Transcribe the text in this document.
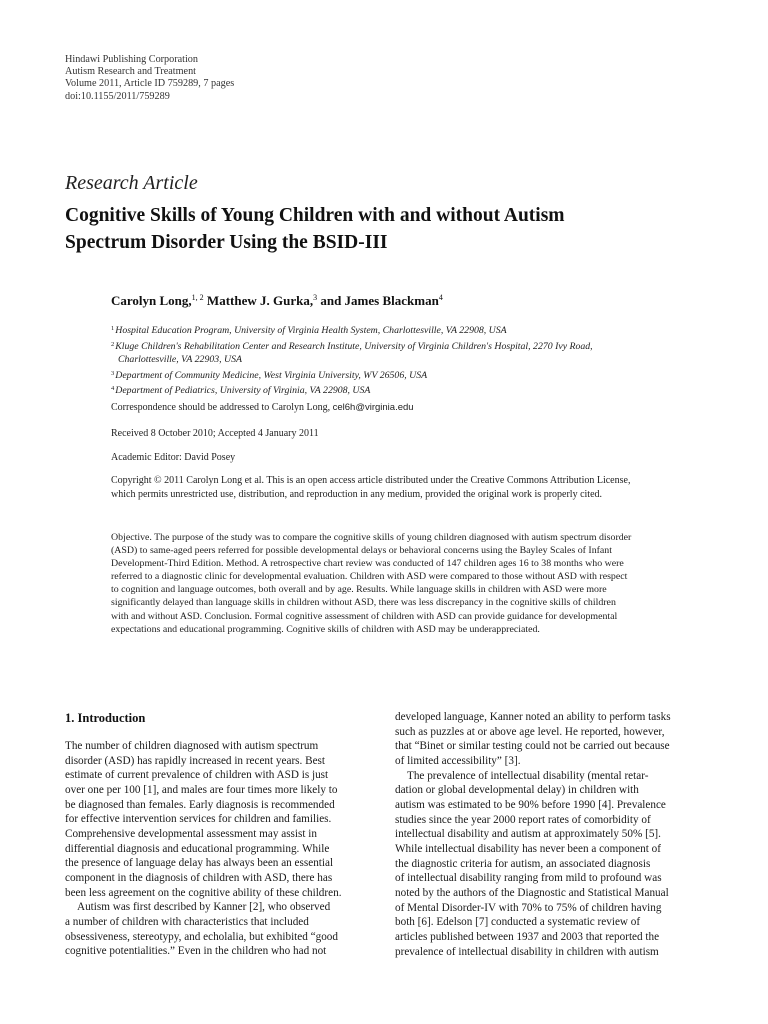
Hindawi Publishing Corporation
Autism Research and Treatment
Volume 2011, Article ID 759289, 7 pages
doi:10.1155/2011/759289
Research Article
Cognitive Skills of Young Children with and without Autism
Spectrum Disorder Using the BSID-III
Carolyn Long,$^{1, 2}$ Matthew J. Gurka,$^3$ and James Blackman$^4$
$^1$Hospital Education Program, University of Virginia Health System, Charlottesville, VA 22908, USA
$^2$Kluge Children's Rehabilitation Center and Research Institute, University of Virginia Children's Hospital, 2270 Ivy Road,
Charlottesville, VA 22903, USA
$^3$Department of Community Medicine, West Virginia University, WV 26506, USA
$^4$Department of Pediatrics, University of Virginia, VA 22908, USA
Correspondence should be addressed to Carolyn Long, cel6h@virginia.edu
Received 8 October 2010; Accepted 4 January 2011
Academic Editor: David Posey
Copyright © 2011 Carolyn Long et al. This is an open access article distributed under the Creative Commons Attribution License,
which permits unrestricted use, distribution, and reproduction in any medium, provided the original work is properly cited.
Objective. The purpose of the study was to compare the cognitive skills of young children diagnosed with autism spectrum disorder
(ASD) to same-aged peers referred for possible developmental delays or behavioral concerns using the Bayley Scales of Infant
Development-Third Edition. Method. A retrospective chart review was conducted of 147 children ages 16 to 38 months who were
referred to a diagnostic clinic for developmental evaluation. Children with ASD were compared to those without ASD with respect
to cognition and language outcomes, both overall and by age. Results. While language skills in children with ASD were more
significantly delayed than language skills in children without ASD, there was less discrepancy in the cognitive skills of children
with and without ASD. Conclusion. Formal cognitive assessment of children with ASD can provide guidance for developmental
expectations and educational programming. Cognitive skills of children with ASD may be underappreciated.
1. Introduction
The number of children diagnosed with autism spectrum
disorder (ASD) has rapidly increased in recent years. Best
estimate of current prevalence of children with ASD is just
over one per 100 [1], and males are four times more likely to
be diagnosed than females. Early diagnosis is recommended
for effective intervention services for children and families.
Comprehensive developmental assessment may assist in
differential diagnosis and educational programming. While
the presence of language delay has always been an essential
component in the diagnosis of children with ASD, there has
been less agreement on the cognitive ability of these children.
Autism was first described by Kanner [2], who observed
a number of children with characteristics that included
obsessiveness, stereotypy, and echolalia, but exhibited “good
cognitive potentialities.” Even in the children who had not
developed language, Kanner noted an ability to perform tasks
such as puzzles at or above age level. He reported, however,
that “Binet or similar testing could not be carried out because
of limited accessibility” [3].
The prevalence of intellectual disability (mental retar-
dation or global developmental delay) in children with
autism was estimated to be 90% before 1990 [4]. Prevalence
studies since the year 2000 report rates of comorbidity of
intellectual disability and autism at approximately 50% [5].
While intellectual disability has never been a component of
the diagnostic criteria for autism, an associated diagnosis
of intellectual disability ranging from mild to profound was
noted by the authors of the Diagnostic and Statistical Manual
of Mental Disorder-IV with 70% to 75% of children having
both [6]. Edelson [7] conducted a systematic review of
articles published between 1937 and 2003 that reported the
prevalence of intellectual disability in children with autism
